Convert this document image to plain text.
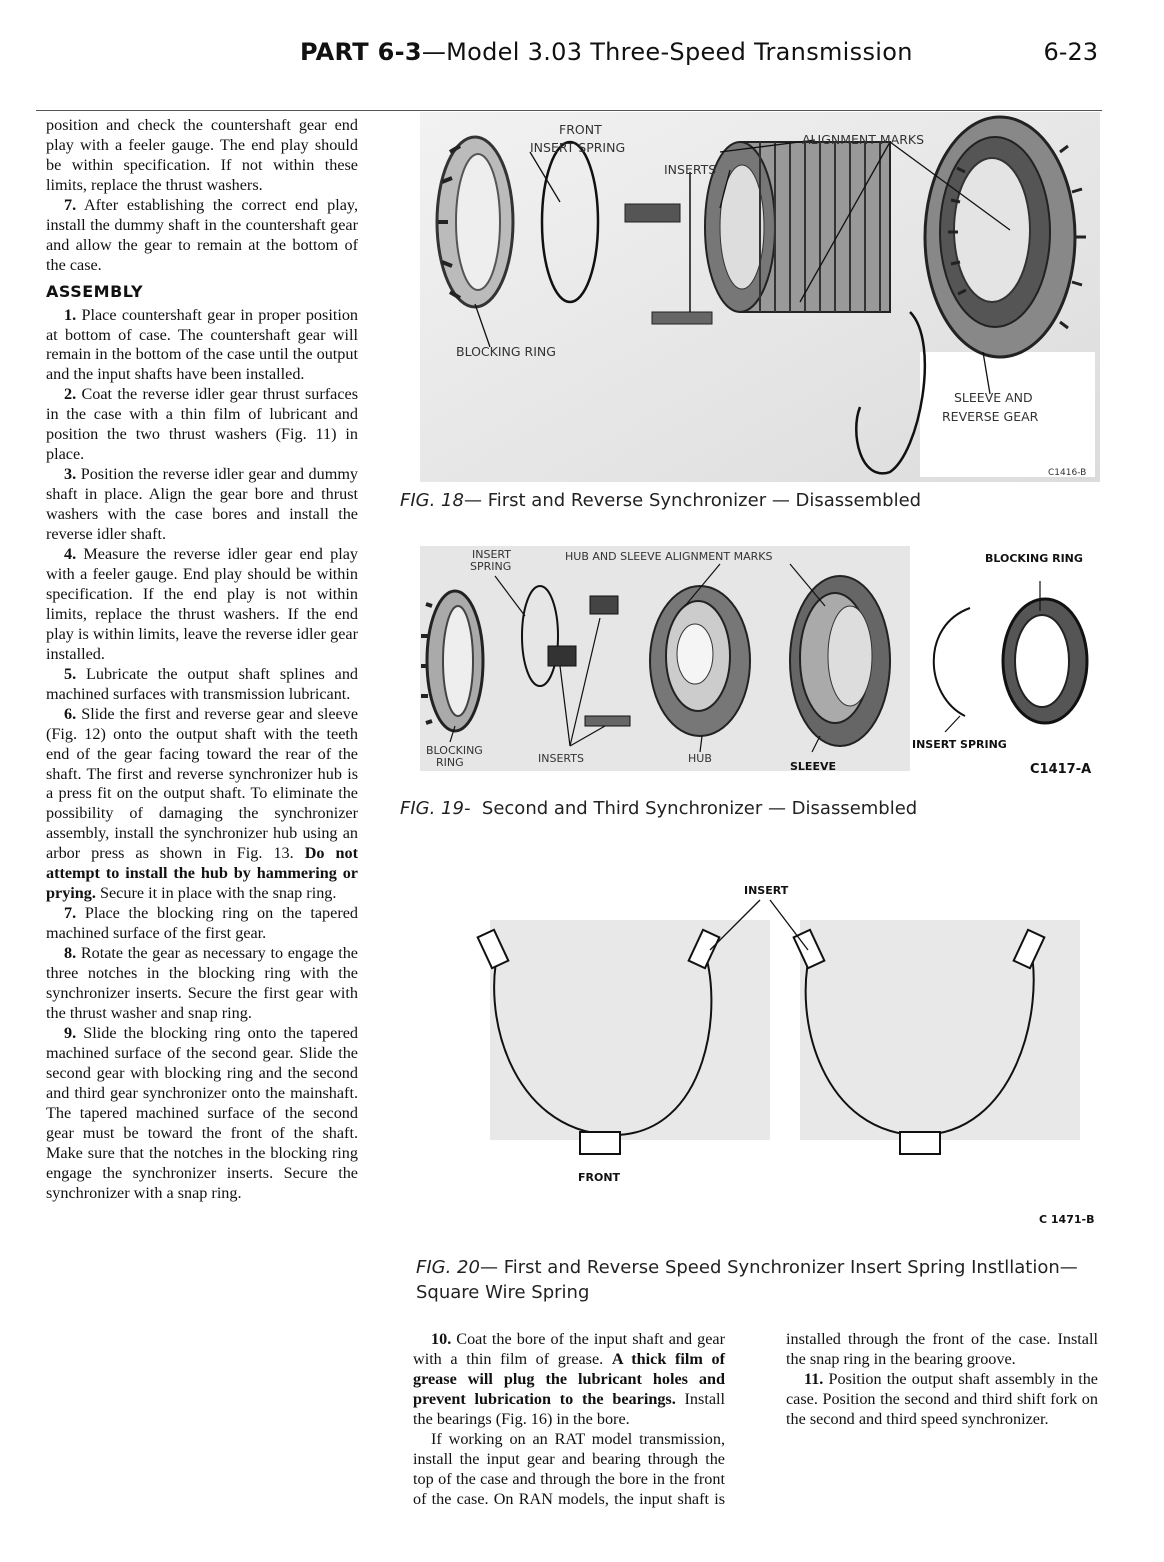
PART 6-3—Model 3.03 Three-Speed Transmission	6-23

position and check the countershaft gear end play with a feeler gauge. The end play should be within specification. If not within these limits, replace the thrust washers.

7. After establishing the correct end play, install the dummy shaft in the countershaft gear and allow the gear to remain at the bottom of the case.

ASSEMBLY

1. Place countershaft gear in proper position at bottom of case. The countershaft gear will remain in the bottom of the case until the output and the input shafts have been installed.

2. Coat the reverse idler gear thrust surfaces in the case with a thin film of lubricant and position the two thrust washers (Fig. 11) in place.

3. Position the reverse idler gear and dummy shaft in place. Align the gear bore and thrust washers with the case bores and install the reverse idler shaft.

4. Measure the reverse idler gear end play with a feeler gauge. End play should be within specification. If the end play is not within limits, replace the thrust washers. If the end play is within limits, leave the reverse idler gear installed.

5. Lubricate the output shaft splines and machined surfaces with transmission lubricant.

6. Slide the first and reverse gear and sleeve (Fig. 12) onto the output shaft with the teeth end of the gear facing toward the rear of the shaft. The first and reverse synchronizer hub is a press fit on the output shaft. To eliminate the possibility of damaging the synchronizer assembly, install the synchronizer hub using an arbor press as shown in Fig. 13. Do not attempt to install the hub by hammering or prying. Secure it in place with the snap ring.

7. Place the blocking ring on the tapered machined surface of the first gear.

8. Rotate the gear as necessary to engage the three notches in the blocking ring with the synchronizer inserts. Secure the first gear with the thrust washer and snap ring.

9. Slide the blocking ring onto the tapered machined surface of the second gear. Slide the second gear with blocking ring and the second and third gear synchronizer onto the mainshaft. The tapered machined surface of the second gear must be toward the front of the shaft. Make sure that the notches in the blocking ring engage the synchronizer inserts. Secure the synchronizer with a snap ring.

FRONT
INSERT SPRING
ALIGNMENT MARKS
INSERTS
BLOCKING RING
SLEEVE AND
REVERSE GEAR
C1416-B
FIG. 18— First and Reverse Synchronizer — Disassembled
INSERT
SPRING
HUB AND SLEEVE ALIGNMENT MARKS	BLOCKING RING
BLOCKING
RING	INSERTS	HUB
SLEEVE
INSERT SPRING
C1417-A
FIG. 19- Second and Third Synchronizer — Disassembled
INSERT
FRONT
C 1471-B
FIG. 20— First and Reverse Speed Synchronizer Insert Spring Instllation—
Square Wire Spring

10. Coat the bore of the input shaft and gear with a thin film of grease. A thick film of grease will plug the lubricant holes and prevent lubrication to the bearings. Install the bearings (Fig. 16) in the bore.

If working on an RAT model transmission, install the input gear and bearing through the top of the case and through the bore in the front of the case. On RAN models, the input shaft is installed through the front of the case. Install the snap ring in the bearing groove.

11. Position the output shaft assembly in the case. Position the second and third shift fork on the second and third speed synchronizer.
